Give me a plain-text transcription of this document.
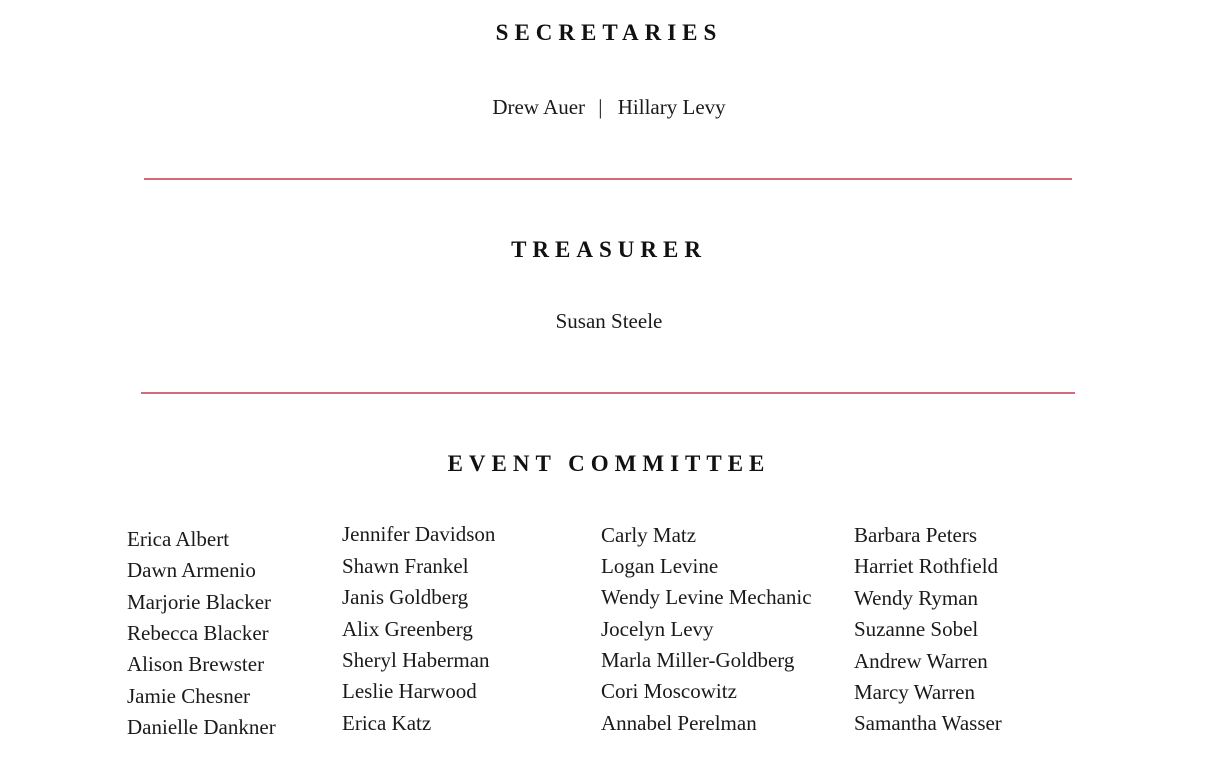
SECRETARIES
Drew Auer | Hillary Levy
TREASURER
Susan Steele
EVENT COMMITTEE
Erica Albert
Dawn Armenio
Marjorie Blacker
Rebecca Blacker
Alison Brewster
Jamie Chesner
Danielle Dankner
Jennifer Davidson
Shawn Frankel
Janis Goldberg
Alix Greenberg
Sheryl Haberman
Leslie Harwood
Erica Katz
Carly Matz
Logan Levine
Wendy Levine Mechanic
Jocelyn Levy
Marla Miller-Goldberg
Cori Moscowitz
Annabel Perelman
Barbara Peters
Harriet Rothfield
Wendy Ryman
Suzanne Sobel
Andrew Warren
Marcy Warren
Samantha Wasser
